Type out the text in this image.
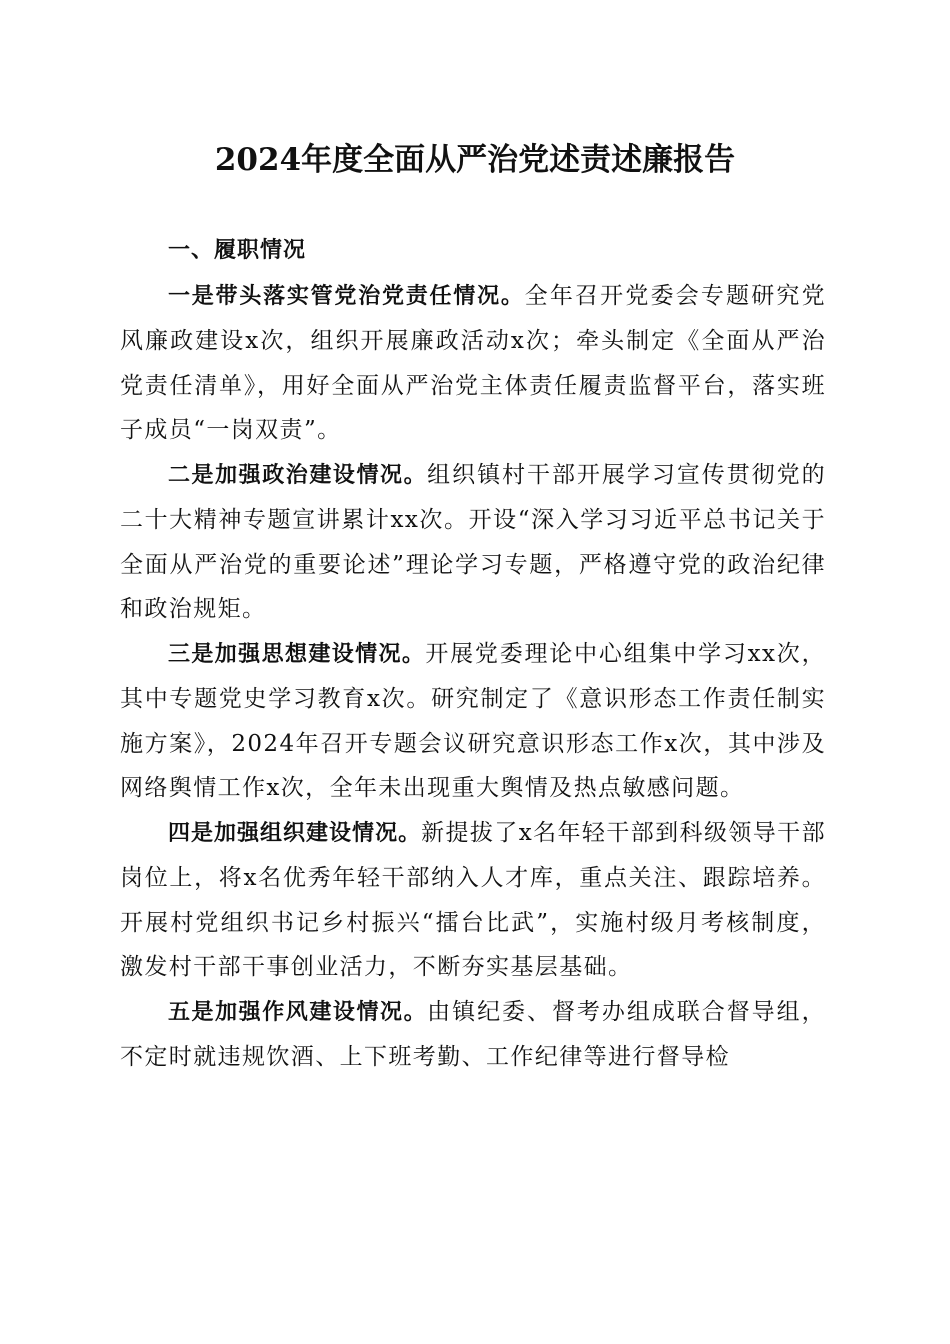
2024年度全面从严治党述责述廉报告

一、履职情况

一是带头落实管党治党责任情况。全年召开党委会专题研究党风廉政建设x次，组织开展廉政活动x次；牵头制定《全面从严治党责任清单》，用好全面从严治党主体责任履责监督平台，落实班子成员“一岗双责”。

二是加强政治建设情况。组织镇村干部开展学习宣传贯彻党的二十大精神专题宣讲累计xx次。开设“深入学习习近平总书记关于全面从严治党的重要论述”理论学习专题，严格遵守党的政治纪律和政治规矩。

三是加强思想建设情况。开展党委理论中心组集中学习xx次，其中专题党史学习教育x次。研究制定了《意识形态工作责任制实施方案》，2024年召开专题会议研究意识形态工作x次，其中涉及网络舆情工作x次，全年未出现重大舆情及热点敏感问题。

四是加强组织建设情况。新提拔了x名年轻干部到科级领导干部岗位上，将x名优秀年轻干部纳入人才库，重点关注、跟踪培养。开展村党组织书记乡村振兴“擂台比武”，实施村级月考核制度，激发村干部干事创业活力，不断夯实基层基础。

五是加强作风建设情况。由镇纪委、督考办组成联合督导组，不定时就违规饮酒、上下班考勤、工作纪律等进行督导检
